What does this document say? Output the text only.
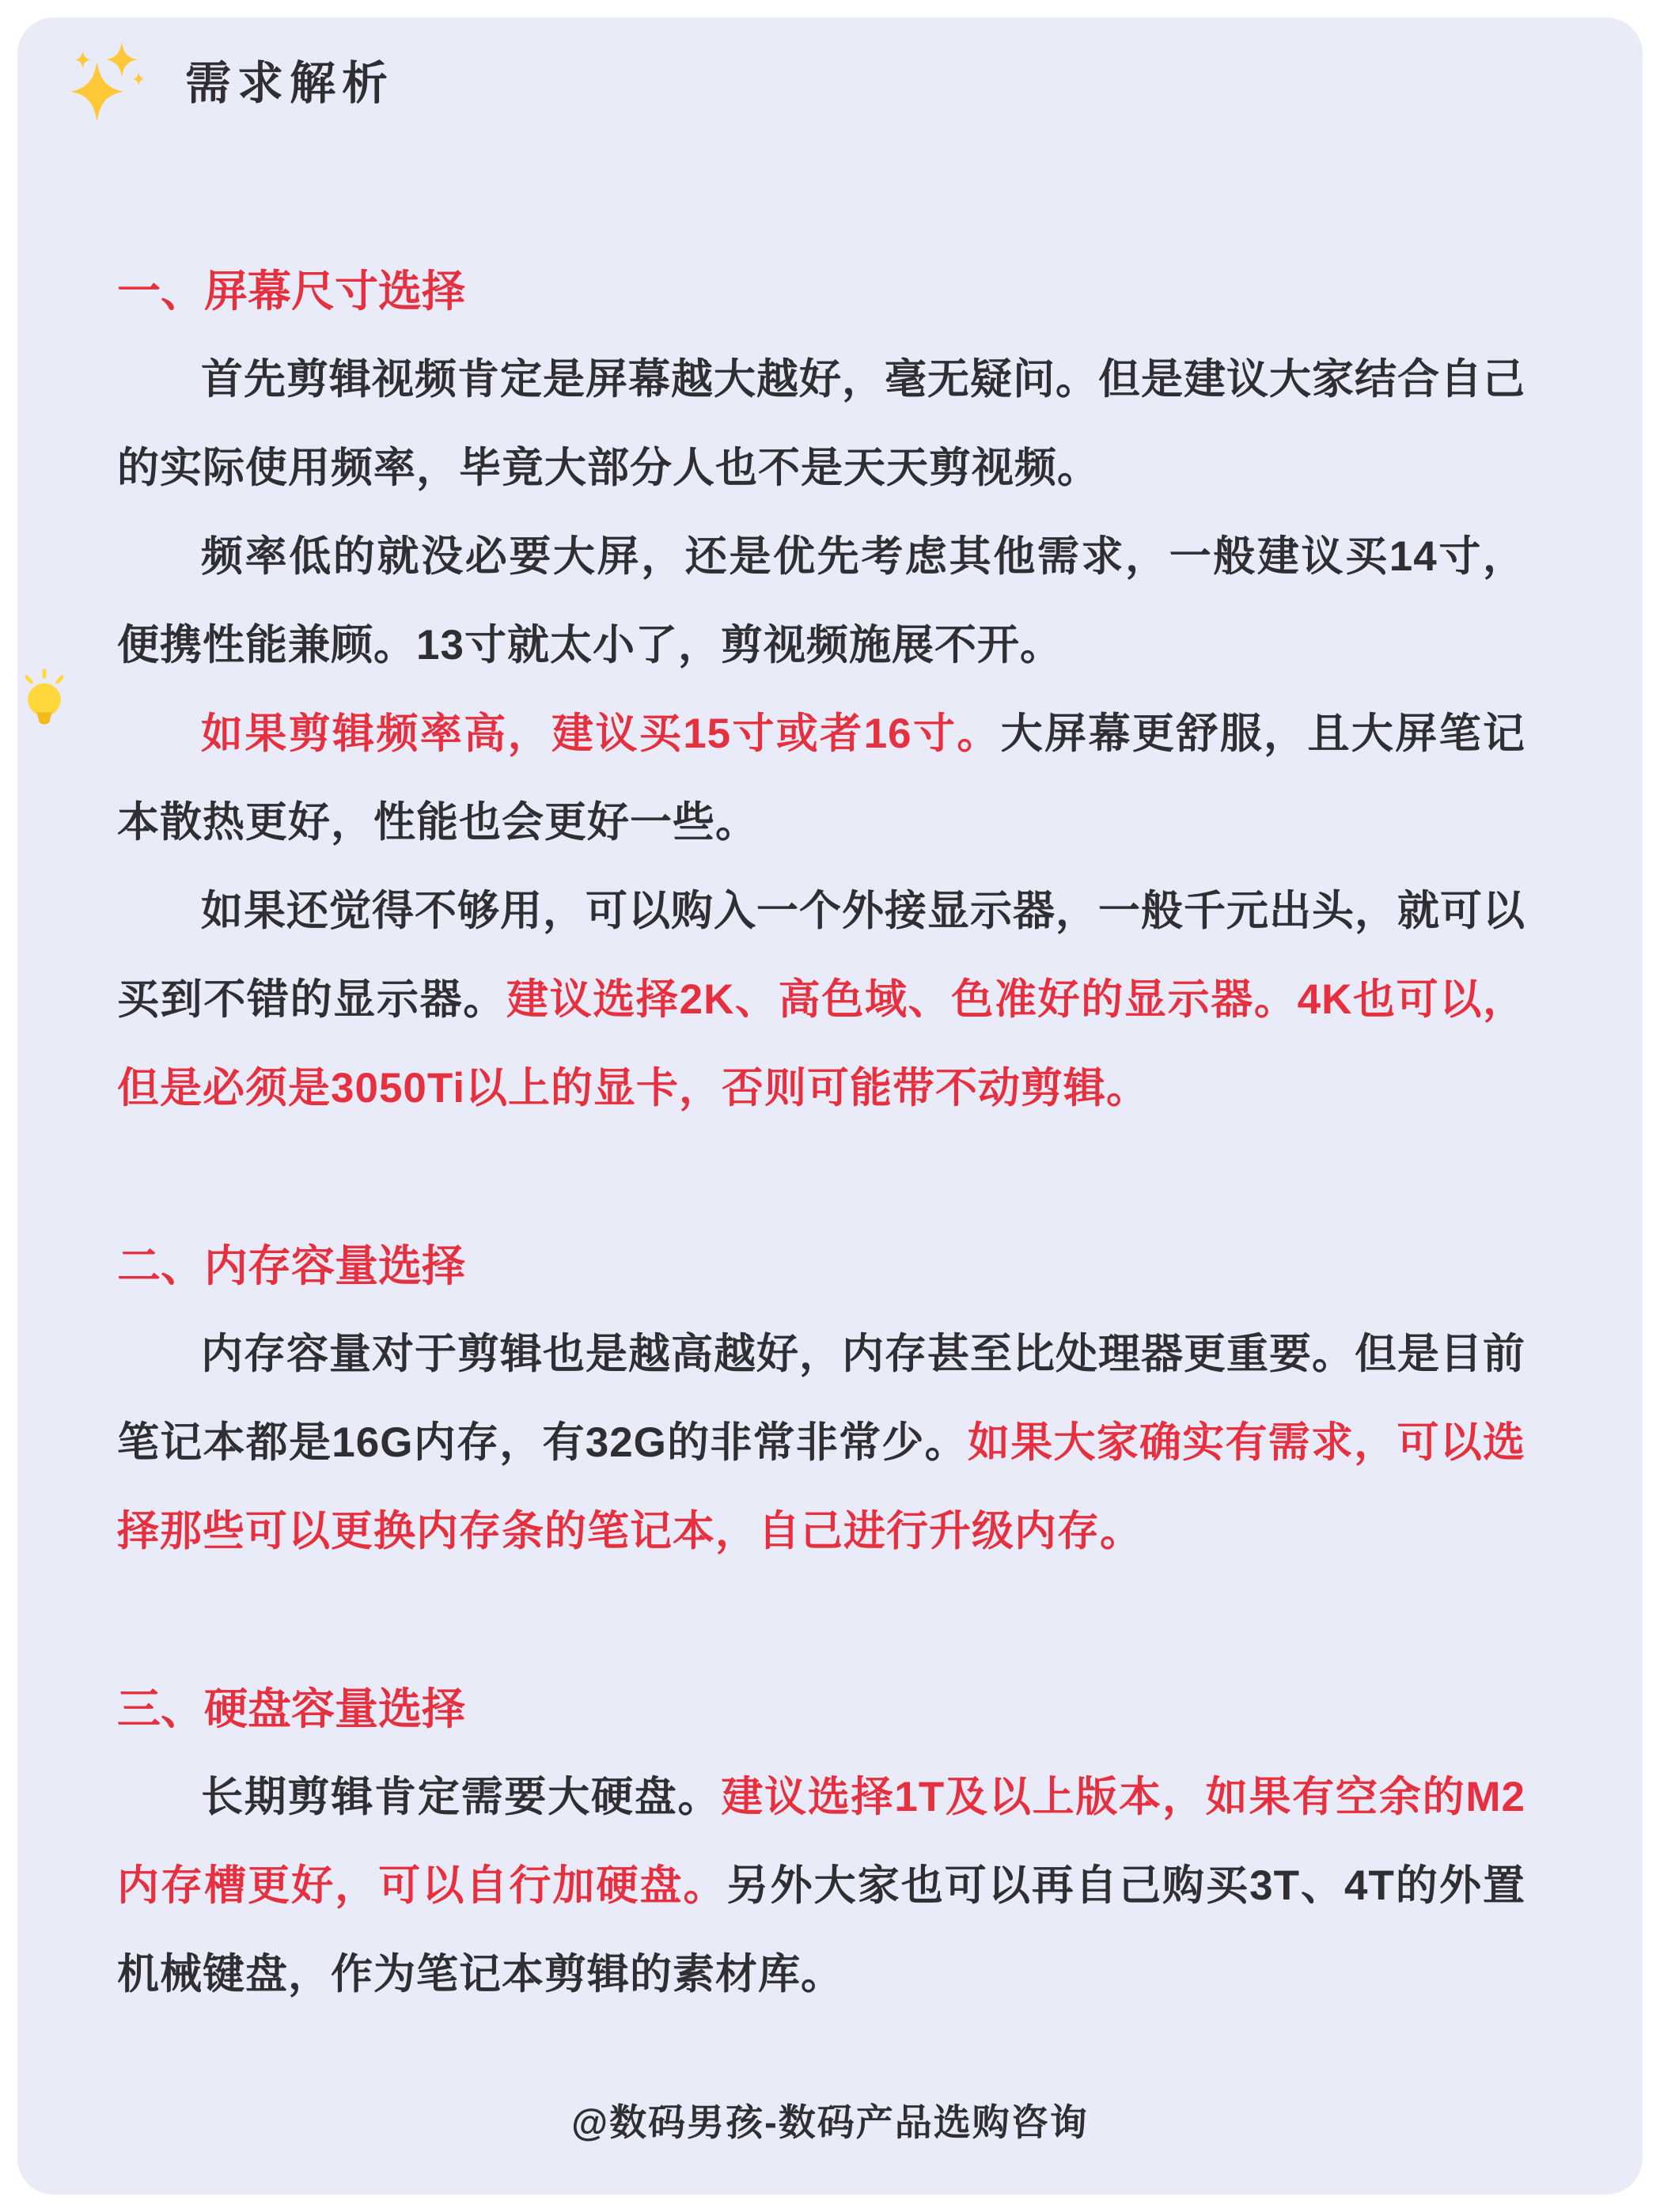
需求解析
一、屏幕尺寸选择

首先剪辑视频肯定是屏幕越大越好，毫无疑问。但是建议大家结合自己的实际使用频率，毕竟大部分人也不是天天剪视频。

频率低的就没必要大屏，还是优先考虑其他需求，一般建议买14寸，便携性能兼顾。13寸就太小了，剪视频施展不开。

如果剪辑频率高，建议买15寸或者16寸。大屏幕更舒服，且大屏笔记本散热更好，性能也会更好一些。

如果还觉得不够用，可以购入一个外接显示器，一般千元出头，就可以买到不错的显示器。建议选择2K、高色域、色准好的显示器。4K也可以，但是必须是3050Ti以上的显卡，否则可能带不动剪辑。

二、内存容量选择

内存容量对于剪辑也是越高越好，内存甚至比处理器更重要。但是目前笔记本都是16G内存，有32G的非常非常少。如果大家确实有需求，可以选择那些可以更换内存条的笔记本，自己进行升级内存。

三、硬盘容量选择

长期剪辑肯定需要大硬盘。建议选择1T及以上版本，如果有空余的M2内存槽更好，可以自行加硬盘。另外大家也可以再自己购买3T、4T的外置机械键盘，作为笔记本剪辑的素材库。

@数码男孩-数码产品选购咨询
